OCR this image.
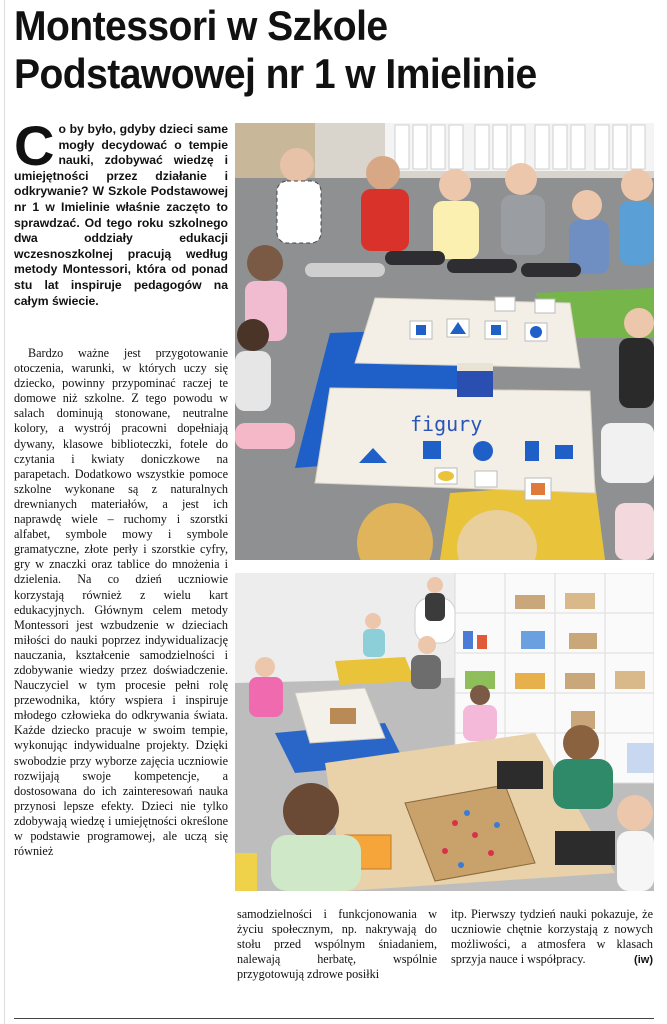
Montessori w Szkole Podstawowej nr 1 w Imielinie

Co by było, gdyby dzieci same mogły decydować o tempie nauki, zdobywać wiedzę i umiejętności przez działanie i odkrywanie? W Szkole Podstawowej nr 1 w Imielinie właśnie zaczęto to sprawdzać. Od tego roku szkolnego dwa oddziały edukacji wczesnoszkolnej pracują według metody Montessori, która od ponad stu lat inspiruje pedagogów na całym świecie.

Bardzo ważne jest przygotowanie otoczenia, warunki, w których uczy się dziecko, powinny przypominać raczej te domowe niż szkolne. Z tego powodu w salach dominują stonowane, neutralne kolory, a wystrój pracowni dopełniają dywany, klasowe biblioteczki, fotele do czytania i kwiaty doniczkowe na parapetach. Dodatkowo wszystkie pomoce szkolne wykonane są z naturalnych drewnianych materiałów, a jest ich naprawdę wiele – ruchomy i szorstki alfabet, symbole mowy i symbole gramatyczne, złote perły i szorstkie cyfry, gry w znaczki oraz tablice do mnożenia i dzielenia. Na co dzień uczniowie korzystają również z wielu kart edukacyjnych. Głównym celem metody Montessori jest wzbudzenie w dzieciach miłości do nauki poprzez indywidualizację nauczania, kształcenie samodzielności i zdobywanie wiedzy przez doświadczenie. Nauczyciel w tym procesie pełni rolę przewodnika, który wspiera i inspiruje młodego człowieka do odkrywania świata. Każde dziecko pracuje w swoim tempie, wykonując indywidualne projekty. Dzięki swobodzie przy wyborze zajęcia uczniowie rozwijają swoje kompetencje, a dostosowana do ich zainteresowań nauka przynosi lepsze efekty. Dzieci nie tylko zdobywają wiedzę i umiejętności określone w podstawie programowej, ale uczą się również

figury

samodzielności i funkcjonowania w życiu społecznym, np. nakrywają do stołu przed wspólnym śniadaniem, nalewają herbatę, wspólnie przygotowują zdrowe posiłki

itp. Pierwszy tydzień nauki pokazuje, że uczniowie chętnie korzystają z nowych możliwości, a atmosfera w klasach sprzyja nauce i współpracy.	(iw)
